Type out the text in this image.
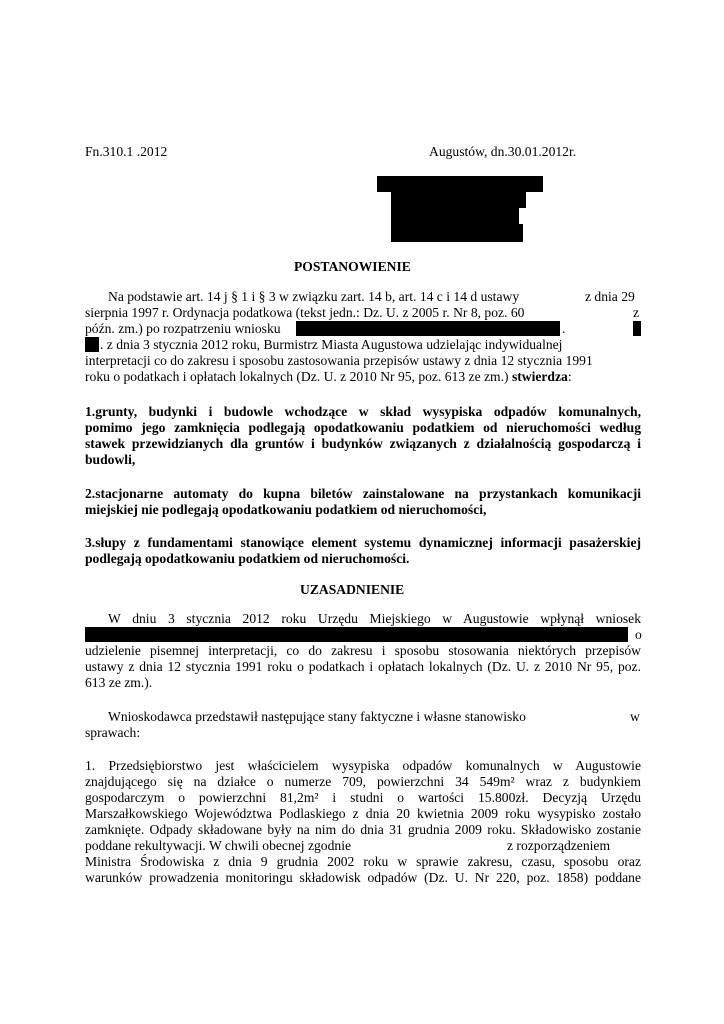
Fn.310.1 .2012	Augustów, dn.30.01.2012r.
POSTANOWIENIE
Na podstawie art. 14 j § 1 i § 3 w związku zart. 14 b, art. 14 c i 14 d ustawy	z dnia 29
sierpnia 1997 r. Ordynacja podatkowa (tekst jedn.: Dz. U. z 2005 r. Nr 8, poz. 60	z
późn. zm.) po rozpatrzeniu wniosku	.
. z dnia 3 stycznia 2012 roku, Burmistrz Miasta Augustowa udzielając indywidualnej
interpretacji co do zakresu i sposobu zastosowania przepisów ustawy z dnia 12 stycznia 1991
roku o podatkach i opłatach lokalnych (Dz. U. z 2010 Nr 95, poz. 613 ze zm.) stwierdza:
1.grunty, budynki i budowle wchodzące w skład wysypiska odpadów komunalnych,
pomimo jego zamknięcia podlegają opodatkowaniu podatkiem od nieruchomości według
stawek przewidzianych dla gruntów i budynków związanych z działalnością gospodarczą i
budowli,
2.stacjonarne automaty do kupna biletów zainstalowane na przystankach komunikacji
miejskiej nie podlegają opodatkowaniu podatkiem od nieruchomości,
3.słupy z fundamentami stanowiące element systemu dynamicznej informacji pasażerskiej
podlegają opodatkowaniu podatkiem od nieruchomości.
UZASADNIENIE
W dniu 3 stycznia 2012 roku Urzędu Miejskiego w Augustowie wpłynął wniosek
o
udzielenie pisemnej interpretacji, co do zakresu i sposobu stosowania niektórych przepisów
ustawy z dnia 12 stycznia 1991 roku o podatkach i opłatach lokalnych (Dz. U. z 2010 Nr 95, poz.
613 ze zm.).
Wnioskodawca przedstawił następujące stany faktyczne i własne stanowisko	w
sprawach:
1. Przedsiębiorstwo jest właścicielem wysypiska odpadów komunalnych w Augustowie
znajdującego się na działce o numerze 709, powierzchni 34 549m² wraz z budynkiem
gospodarczym o powierzchni 81,2m² i studni o wartości 15.800zł. Decyzją Urzędu
Marszałkowskiego Województwa Podlaskiego z dnia 20 kwietnia 2009 roku wysypisko zostało
zamknięte. Odpady składowane były na nim do dnia 31 grudnia 2009 roku. Składowisko zostanie
poddane rekultywacji. W chwili obecnej zgodnie	z rozporządzeniem
Ministra Środowiska z dnia 9 grudnia 2002 roku w sprawie zakresu, czasu, sposobu oraz
warunków prowadzenia monitoringu składowisk odpadów (Dz. U. Nr 220, poz. 1858) poddane
